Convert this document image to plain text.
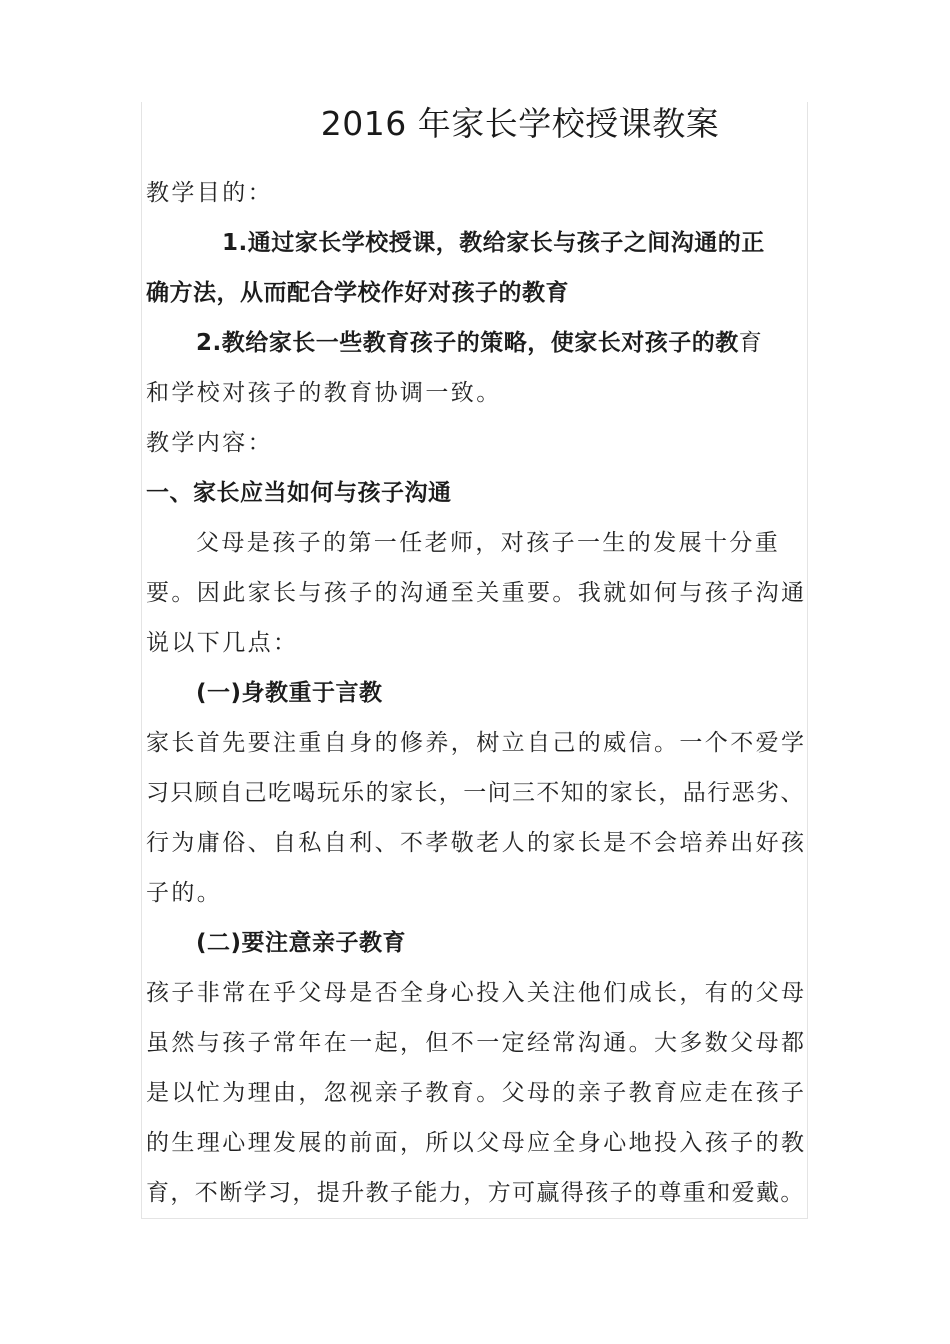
2016 年家长学校授课教案
教学目的：
1.通过家长学校授课，教给家长与孩子之间沟通的正
确方法，从而配合学校作好对孩子的教育
2.教给家长一些教育孩子的策略，使家长对孩子的教育
和学校对孩子的教育协调一致。
教学内容：
一、家长应当如何与孩子沟通
父母是孩子的第一任老师，对孩子一生的发展十分重
要。因此家长与孩子的沟通至关重要。我就如何与孩子沟通
说以下几点：
(一)身教重于言教
家长首先要注重自身的修养，树立自己的威信。一个不爱学
习只顾自己吃喝玩乐的家长，一问三不知的家长，品行恶劣、
行为庸俗、自私自利、不孝敬老人的家长是不会培养出好孩
子的。
(二)要注意亲子教育
孩子非常在乎父母是否全身心投入关注他们成长，有的父母
虽然与孩子常年在一起，但不一定经常沟通。大多数父母都
是以忙为理由，忽视亲子教育。父母的亲子教育应走在孩子
的生理心理发展的前面，所以父母应全身心地投入孩子的教
育，不断学习，提升教子能力，方可赢得孩子的尊重和爱戴。
